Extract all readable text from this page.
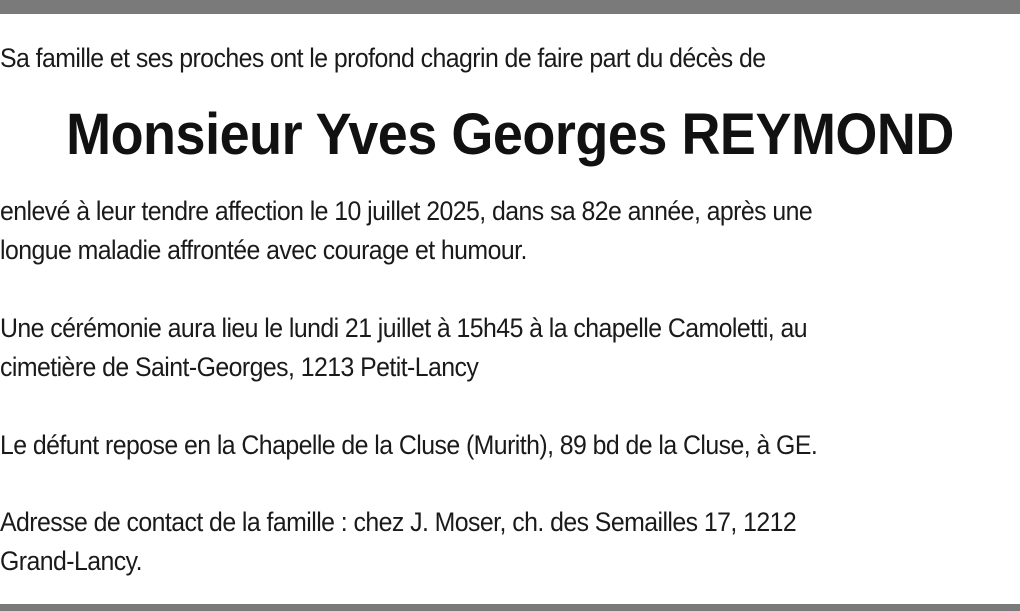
Sa famille et ses proches ont le profond chagrin de faire part du décès de

Monsieur Yves Georges REYMOND

enlevé à leur tendre affection le 10 juillet 2025, dans sa 82e année, après une
longue maladie affrontée avec courage et humour.

Une cérémonie aura lieu le lundi 21 juillet à 15h45 à la chapelle Camoletti, au
cimetière de Saint-Georges, 1213 Petit-Lancy

Le défunt repose en la Chapelle de la Cluse (Murith), 89 bd de la Cluse, à GE.

Adresse de contact de la famille : chez J. Moser, ch. des Semailles 17, 1212
Grand-Lancy.
